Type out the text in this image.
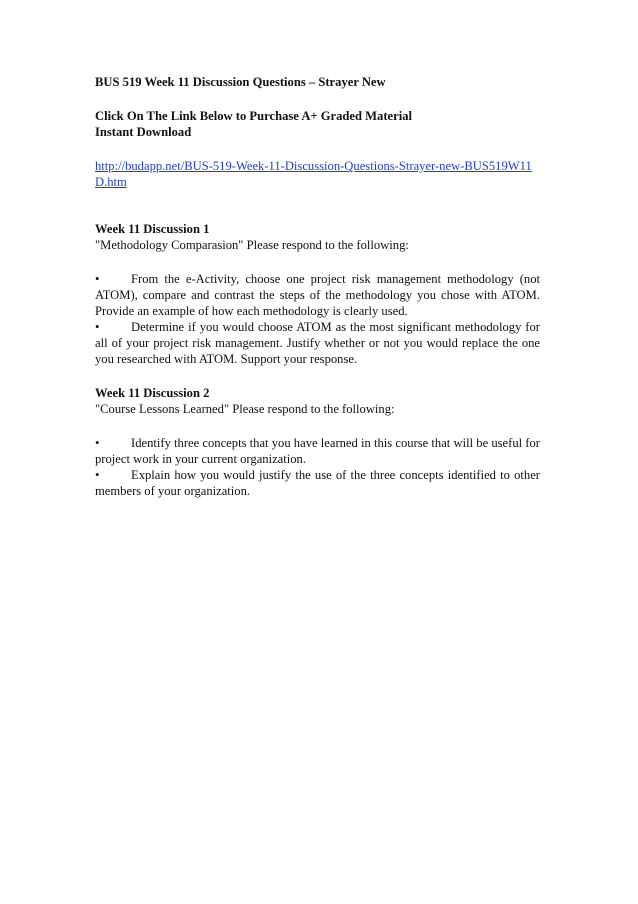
BUS 519 Week 11 Discussion Questions – Strayer New

Click On The Link Below to Purchase A+ Graded Material
Instant Download

http://budapp.net/BUS-519-Week-11-Discussion-Questions-Strayer-new-BUS519W11D.htm

Week 11 Discussion 1

"Methodology Comparasion" Please respond to the following:

•	From the e-Activity, choose one project risk management methodology (not ATOM), compare and contrast the steps of the methodology you chose with ATOM. Provide an example of how each methodology is clearly used.
•	Determine if you would choose ATOM as the most significant methodology for all of your project risk management. Justify whether or not you would replace the one you researched with ATOM. Support your response.

Week 11 Discussion 2

"Course Lessons Learned" Please respond to the following:

•	Identify three concepts that you have learned in this course that will be useful for project work in your current organization.
•	Explain how you would justify the use of the three concepts identified to other members of your organization.
